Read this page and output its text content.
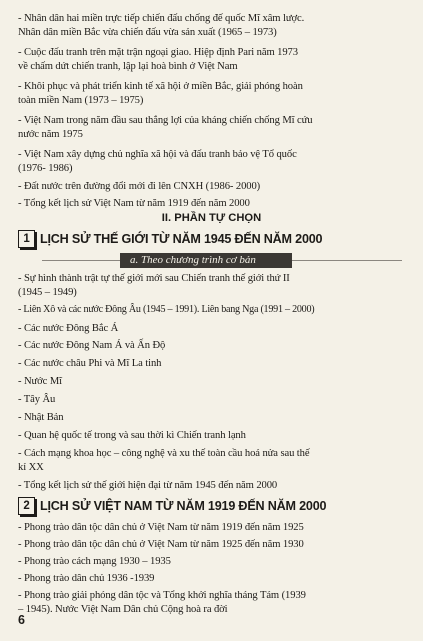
- Nhân dân hai miền trực tiếp chiến đấu chống đế quốc Mĩ xâm lược.
Nhân dân miền Bắc vừa chiến đấu vừa sản xuất (1965 – 1973)
- Cuộc đấu tranh trên mặt trận ngoại giao. Hiệp định Pari năm 1973
về chấm dứt chiến tranh, lập lại hoà bình ở Việt Nam
- Khôi phục và phát triển kinh tế xã hội ở miền Bắc, giải phóng hoàn
toàn miền Nam (1973 – 1975)
- Việt Nam trong năm đầu sau thắng lợi của kháng chiến chống Mĩ cứu
nước năm 1975
- Việt Nam xây dựng chủ nghĩa xã hội và đấu tranh bảo vệ Tổ quốc
(1976- 1986)
- Đất nước trên đường đổi mới đi lên CNXH (1986- 2000)
- Tổng kết lịch sử Việt Nam từ năm 1919 đến năm 2000
II. PHẦN TỰ CHỌN
1 LỊCH SỬ THẾ GIỚI TỪ NĂM 1945 ĐẾN NĂM 2000
a. Theo chương trình cơ bản
- Sự hình thành trật tự thế giới mới sau Chiến tranh thế giới thứ II
(1945 – 1949)
- Liên Xô và các nước Đông Âu (1945 – 1991). Liên bang Nga (1991 – 2000)
- Các nước Đông Bắc Á
- Các nước Đông Nam Á và Ấn Độ
- Các nước châu Phi và Mĩ La tinh
- Nước Mĩ
- Tây Âu
- Nhật Bản
- Quan hệ quốc tế trong và sau thời kì Chiến tranh lạnh
- Cách mạng khoa học – công nghệ và xu thế toàn cầu hoá nửa sau thế
kỉ XX
- Tổng kết lịch sử thế giới hiện đại từ năm 1945 đến năm 2000
2 LỊCH SỬ VIỆT NAM TỪ NĂM 1919 ĐẾN NĂM 2000
- Phong trào dân tộc dân chủ ở Việt Nam từ năm 1919 đến năm 1925
- Phong trào dân tộc dân chủ ở Việt Nam từ năm 1925 đến năm 1930
- Phong trào cách mạng 1930 – 1935
- Phong trào dân chủ 1936 -1939
- Phong trào giải phóng dân tộc và Tổng khởi nghĩa tháng Tám (1939
– 1945). Nước Việt Nam Dân chủ Cộng hoà ra đời
6
